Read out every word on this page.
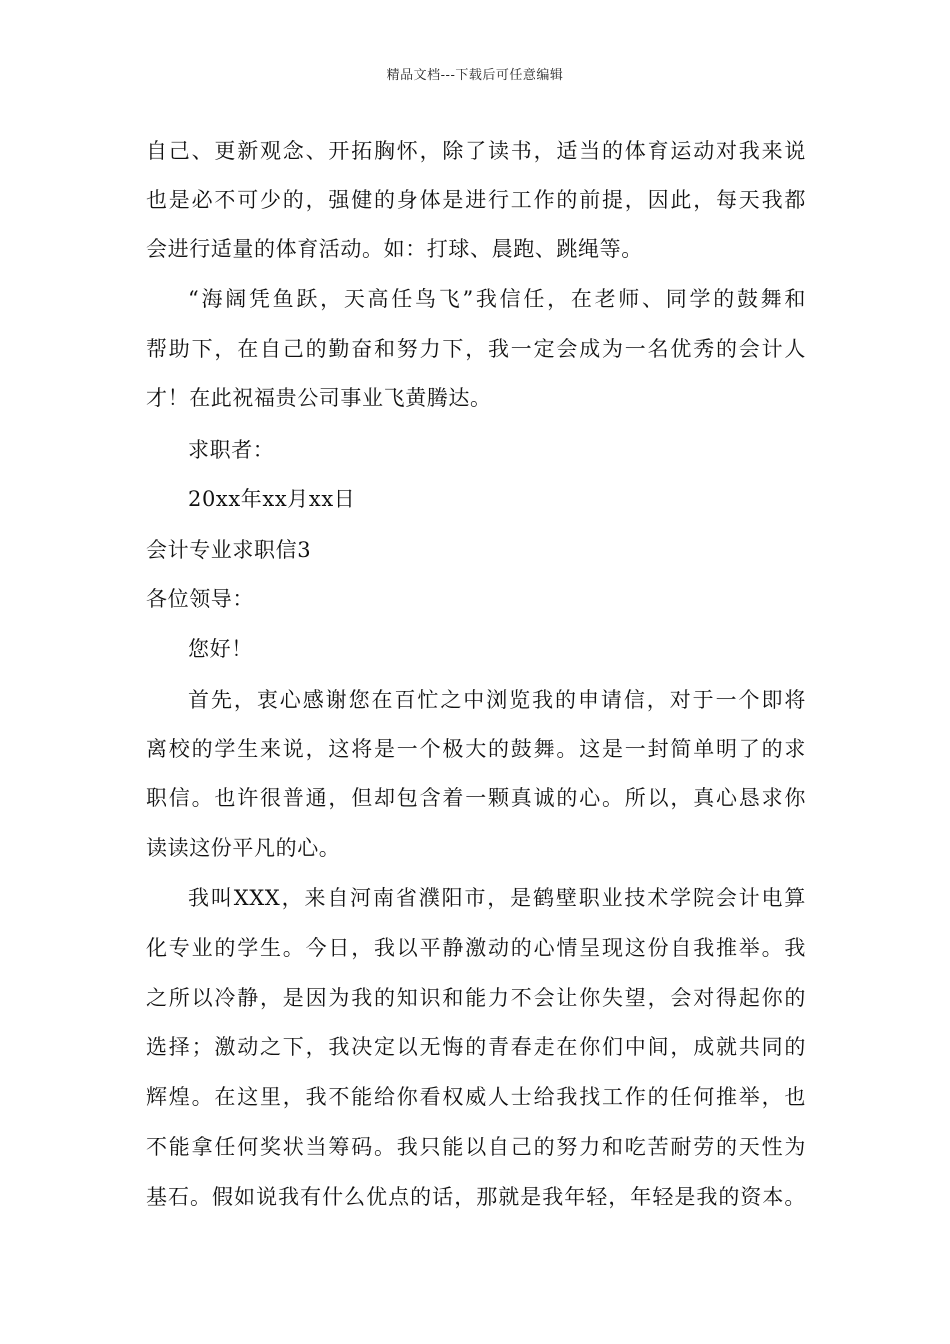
精品文档---下载后可任意编辑
自己、更新观念、开拓胸怀，除了读书，适当的体育运动对我来说
也是必不可少的，强健的身体是进行工作的前提，因此，每天我都
会进行适量的体育活动。如：打球、晨跑、跳绳等。
“海阔凭鱼跃，天高任鸟飞”我信任，在老师、同学的鼓舞和
帮助下，在自己的勤奋和努力下，我一定会成为一名优秀的会计人
才！在此祝福贵公司事业飞黄腾达。
求职者：
20xx年xx月xx日
会计专业求职信3
各位领导：
您好！
首先，衷心感谢您在百忙之中浏览我的申请信，对于一个即将
离校的学生来说，这将是一个极大的鼓舞。这是一封简单明了的求
职信。也许很普通，但却包含着一颗真诚的心。所以，真心恳求你
读读这份平凡的心。
我叫XXX，来自河南省濮阳市，是鹤壁职业技术学院会计电算
化专业的学生。今日，我以平静激动的心情呈现这份自我推举。我
之所以冷静，是因为我的知识和能力不会让你失望，会对得起你的
选择；激动之下，我决定以无悔的青春走在你们中间，成就共同的
辉煌。在这里，我不能给你看权威人士给我找工作的任何推举，也
不能拿任何奖状当筹码。我只能以自己的努力和吃苦耐劳的天性为
基石。假如说我有什么优点的话，那就是我年轻，年轻是我的资本。
